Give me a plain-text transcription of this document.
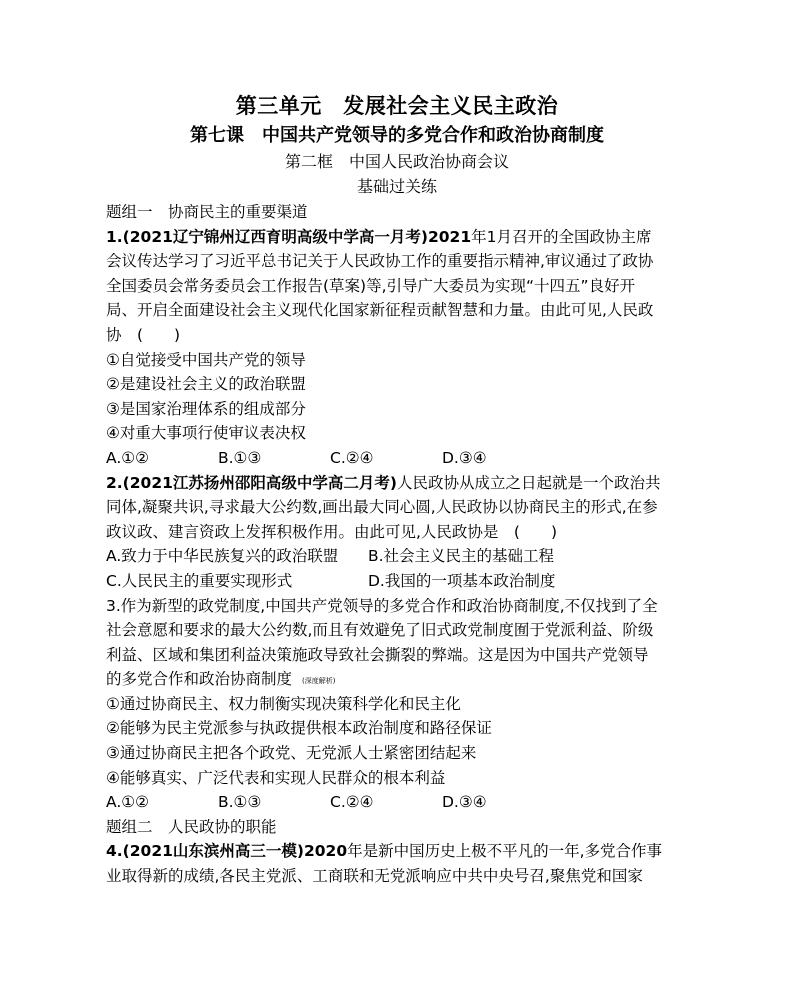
第三单元　发展社会主义民主政治
第七课　中国共产党领导的多党合作和政治协商制度
第二框　中国人民政治协商会议
基础过关练
题组一　协商民主的重要渠道
1.(2021辽宁锦州辽西育明高级中学高一月考)2021年1月召开的全国政协主席
会议传达学习了习近平总书记关于人民政协工作的重要指示精神,审议通过了政协
全国委员会常务委员会工作报告(草案)等,引导广大委员为实现“十四五”良好开
局、开启全面建设社会主义现代化国家新征程贡献智慧和力量。由此可见,人民政
协　(　　)
①自觉接受中国共产党的领导
②是建设社会主义的政治联盟
③是国家治理体系的组成部分
④对重大事项行使审议表决权
A.①②	B.①③	C.②④	D.③④
2.(2021江苏扬州邵阳高级中学高二月考)人民政协从成立之日起就是一个政治共
同体,凝聚共识,寻求最大公约数,画出最大同心圆,人民政协以协商民主的形式,在参
政议政、建言资政上发挥积极作用。由此可见,人民政协是　(　　)
A.致力于中华民族复兴的政治联盟	B.社会主义民主的基础工程
C.人民民主的重要实现形式	D.我国的一项基本政治制度
3.作为新型的政党制度,中国共产党领导的多党合作和政治协商制度,不仅找到了全
社会意愿和要求的最大公约数,而且有效避免了旧式政党制度囿于党派利益、阶级
利益、区域和集团利益决策施政导致社会撕裂的弊端。这是因为中国共产党领导
的多党合作和政治协商制度 (深度解析)
①通过协商民主、权力制衡实现决策科学化和民主化
②能够为民主党派参与执政提供根本政治制度和路径保证
③通过协商民主把各个政党、无党派人士紧密团结起来
④能够真实、广泛代表和实现人民群众的根本利益
A.①②	B.①③	C.②④	D.③④
题组二　人民政协的职能
4.(2021山东滨州高三一模)2020年是新中国历史上极不平凡的一年,多党合作事
业取得新的成绩,各民主党派、工商联和无党派响应中共中央号召,聚焦党和国家
